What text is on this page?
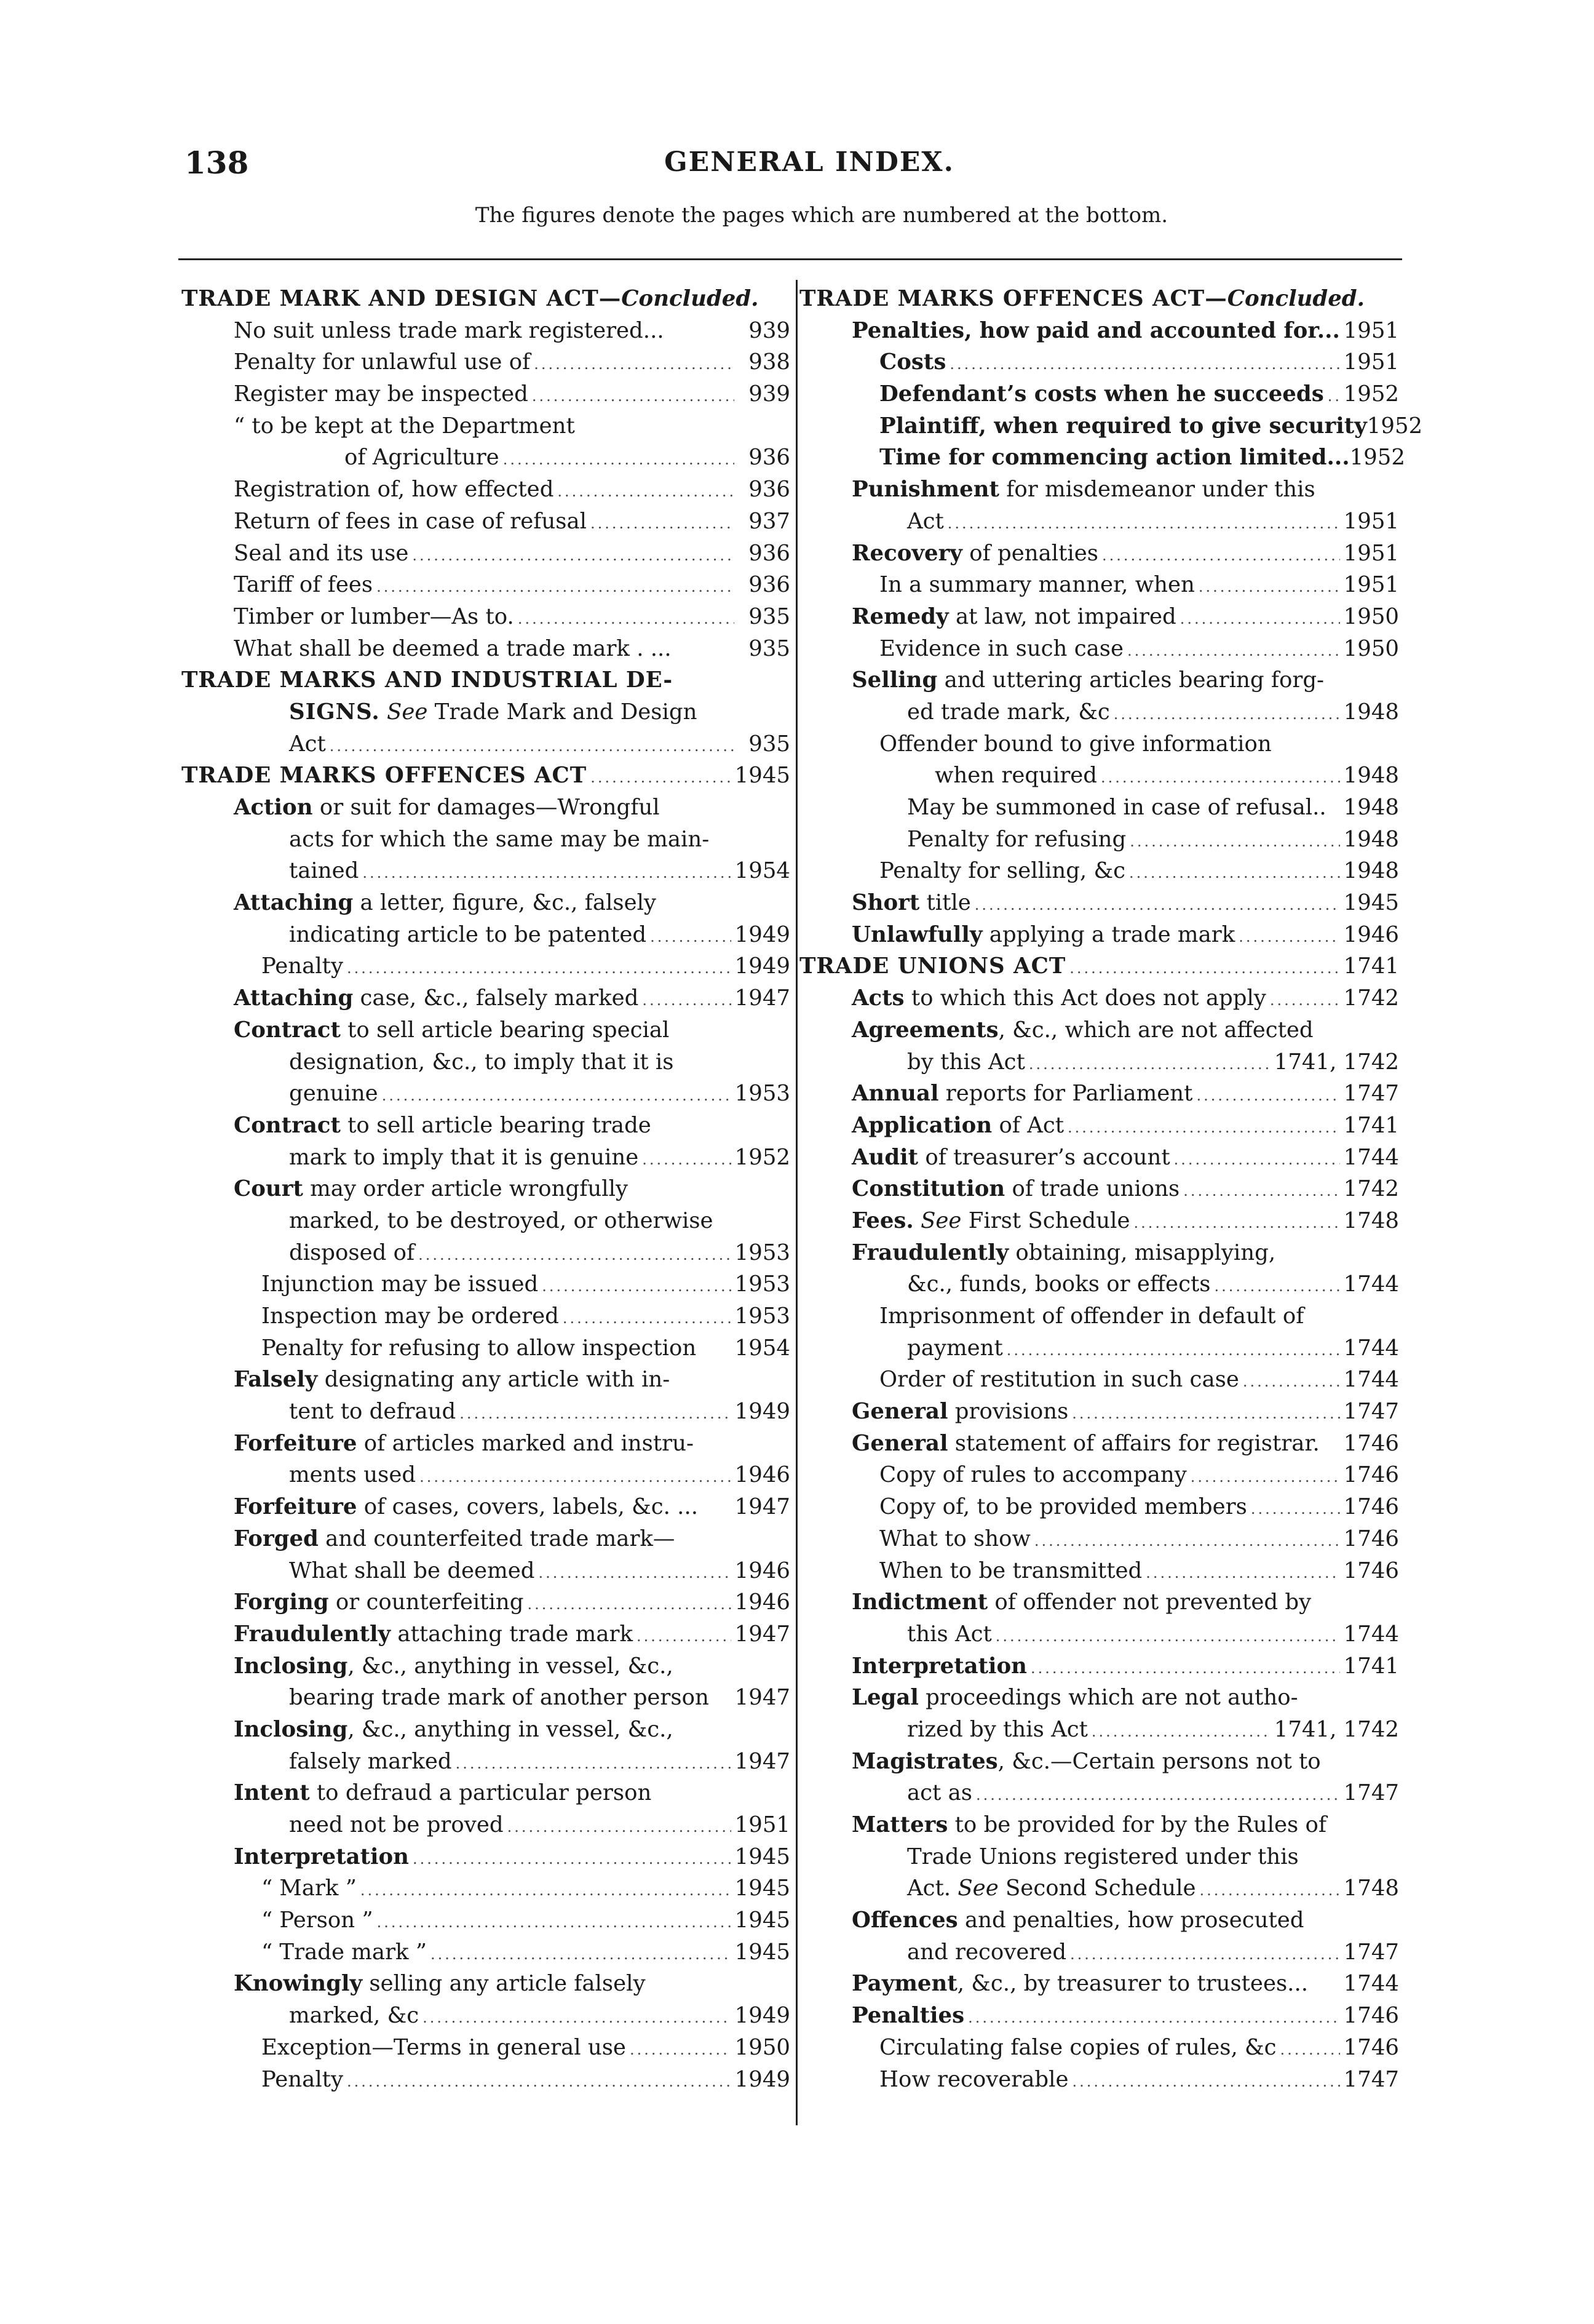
138	GENERAL INDEX.
The figures denote the pages which are numbered at the bottom.
TRADE MARK AND DESIGN ACT—Concluded.
No suit unless trade mark registered...	939
Penalty for unlawful use of .....	938
Register may be inspected .....	939
“ to be kept at the Department
of Agriculture .....	936
Registration of, how effected .....	936
Return of fees in case of refusal .....	937
Seal and its use .....	936
Tariff of fees .....	936
Timber or lumber—As to. .....	935
What shall be deemed a trade mark . ...	935
TRADE MARKS AND INDUSTRIAL DE-
SIGNS. See Trade Mark and Design
Act .....	935
TRADE MARKS OFFENCES ACT .....	1945
Action or suit for damages—Wrongful
acts for which the same may be main-
tained .....	1954
Attaching a letter, figure, &c., falsely
indicating article to be patented .....	1949
Penalty .....	1949
Attaching case, &c., falsely marked .....	1947
Contract to sell article bearing special
designation, &c., to imply that it is
genuine .....	1953
Contract to sell article bearing trade
mark to imply that it is genuine .....	1952
Court may order article wrongfully
marked, to be destroyed, or otherwise
disposed of .....	1953
Injunction may be issued .....	1953
Inspection may be ordered .....	1953
Penalty for refusing to allow inspection 1954
Falsely designating any article with in-
tent to defraud .....	1949
Forfeiture of articles marked and instru-
ments used .....	1946
Forfeiture of cases, covers, labels, &c. ... 1947
Forged and counterfeited trade mark—
What shall be deemed .....	1946
Forging or counterfeiting .....	1946
Fraudulently attaching trade mark .....	1947
Inclosing, &c., anything in vessel, &c.,
bearing trade mark of another person 1947
Inclosing, &c., anything in vessel, &c.,
falsely marked .....	1947
Intent to defraud a particular person
need not be proved .....	1951
Interpretation .....	1945
“ Mark ” .....	1945
“ Person ” .....	1945
“ Trade mark ” .....	1945
Knowingly selling any article falsely
marked, &c .....	1949
Exception—Terms in general use .....	1950
Penalty .....	1949
TRADE MARKS OFFENCES ACT—Concluded.
Penalties, how paid and accounted for... 1951
Costs .....	1951
Defendant’s costs when he succeeds ..... 1952
Plaintiff, when required to give security 1952
Time for commencing action limited... 1952
Punishment for misdemeanor under this
Act .....	1951
Recovery of penalties .....	1951
In a summary manner, when .....	1951
Remedy at law, not impaired .....	1950
Evidence in such case .....	1950
Selling and uttering articles bearing forg-
ed trade mark, &c .....	1948
Offender bound to give information
when required .....	1948
May be summoned in case of refusal.. 1948
Penalty for refusing .....	1948
Penalty for selling, &c .....	1948
Short title .....	1945
Unlawfully applying a trade mark .....	1946
TRADE UNIONS ACT .....	1741
Acts to which this Act does not apply .....	1742
Agreements, &c., which are not affected
by this Act .....	1741, 1742
Annual reports for Parliament .....	1747
Application of Act .....	1741
Audit of treasurer’s account .....	1744
Constitution of trade unions .....	1742
Fees. See First Schedule .....	1748
Fraudulently obtaining, misapplying,
&c., funds, books or effects .....	1744
Imprisonment of offender in default of
payment .....	1744
Order of restitution in such case .....	1744
General provisions .....	1747
General statement of affairs for registrar. 1746
Copy of rules to accompany .....	1746
Copy of, to be provided members .....	1746
What to show .....	1746
When to be transmitted .....	1746
Indictment of offender not prevented by
this Act .....	1744
Interpretation .....	1741
Legal proceedings which are not autho-
rized by this Act .....	1741, 1742
Magistrates, &c.—Certain persons not to
act as .....	1747
Matters to be provided for by the Rules of
Trade Unions registered under this
Act. See Second Schedule .....	1748
Offences and penalties, how prosecuted
and recovered .....	1747
Payment, &c., by treasurer to trustees... 1744
Penalties .....	1746
Circulating false copies of rules, &c .....	1746
How recoverable .....	1747
